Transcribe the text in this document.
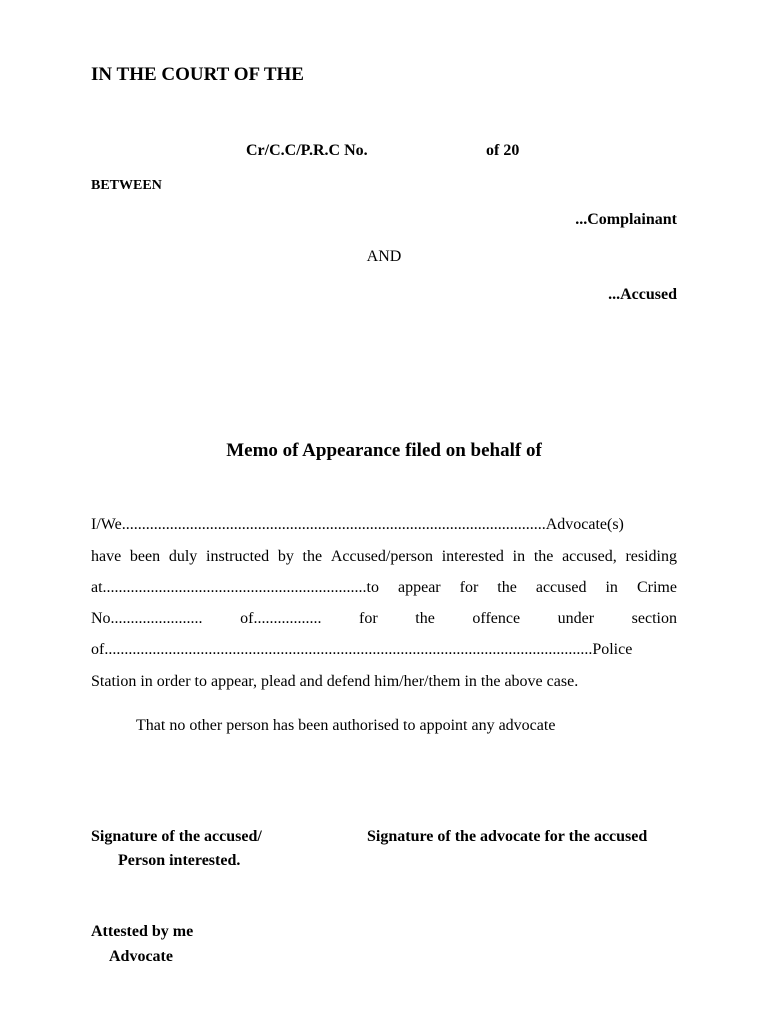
IN THE COURT OF THE
Cr/C.C/P.R.C No.	of 20
BETWEEN
...Complainant
AND
...Accused
Memo of Appearance filed on behalf of
I/We..........................................................................................................Advocate(s)
have been duly instructed by the Accused/person interested in the accused, residing
at..................................................................to appear for the accused in Crime
No....................... of................. for the offence under section
of..........................................................................................................................Police
Station in order to appear, plead and defend him/her/them in the above case.
That no other person has been authorised to appoint any advocate
Signature of the accused/
Person interested.
Signature of the advocate for the accused
Attested by me
Advocate
